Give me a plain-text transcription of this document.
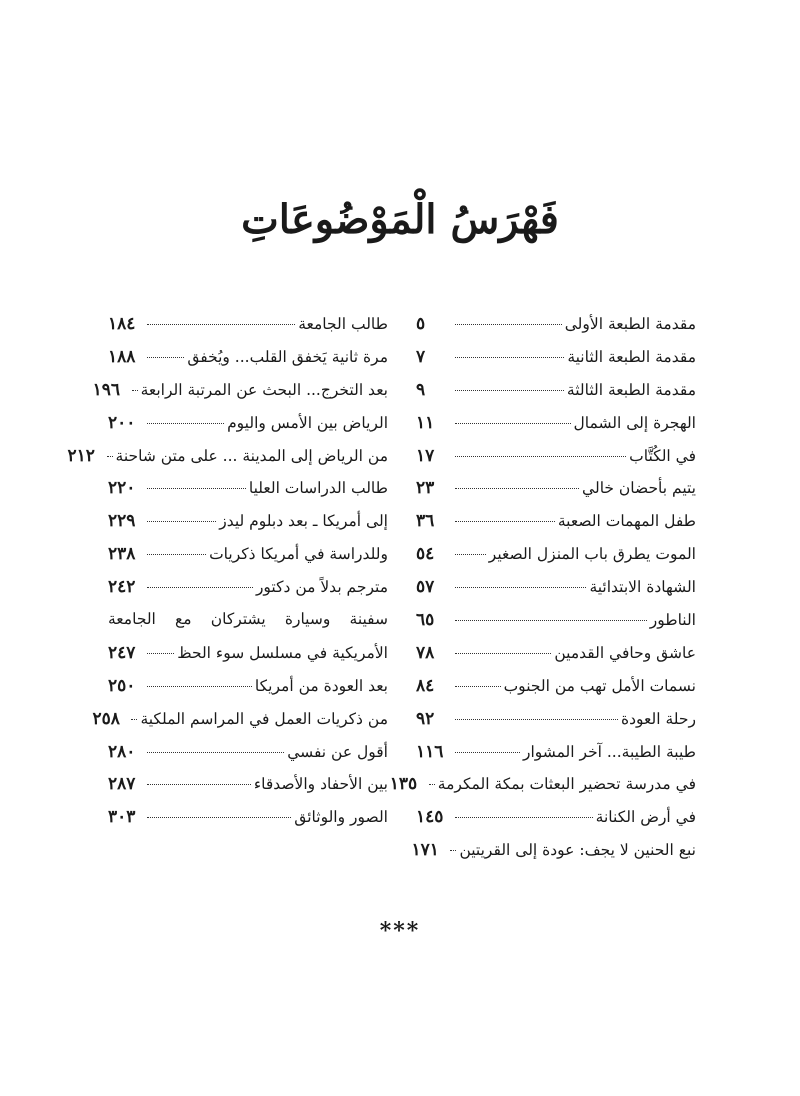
فَهْرَسُ الْمَوْضُوعَاتِ
مقدمة الطبعة الأولى
٥
مقدمة الطبعة الثانية
٧
مقدمة الطبعة الثالثة
٩
الهجرة إلى الشمال
١١
في الكُتَّاب
١٧
يتيم بأحضان خالي
٢٣
طفل المهمات الصعبة
٣٦
الموت يطرق باب المنزل الصغير
٥٤
الشهادة الابتدائية
٥٧
الناطور
٦٥
عاشق وحافي القدمين
٧٨
نسمات الأمل تهب من الجنوب
٨٤
رحلة العودة
٩٢
طيبة الطيبة... آخر المشوار
١١٦
في مدرسة تحضير البعثات بمكة المكرمة
١٣٥
في أرض الكنانة
١٤٥
نبع الحنين لا يجف: عودة إلى القريتين
١٧١
طالب الجامعة
١٨٤
مرة ثانية يَخفق القلب... ويُخفق
١٨٨
بعد التخرج... البحث عن المرتبة الرابعة
١٩٦
الرياض بين الأمس واليوم
٢٠٠
من الرياض إلى المدينة ... على متن شاحنة
٢١٢
طالب الدراسات العليا
٢٢٠
إلى أمريكا ـ بعد دبلوم ليدز
٢٢٩
وللدراسة في أمريكا ذكريات
٢٣٨
مترجم بدلاً من دكتور
٢٤٢
سفينة وسيارة يشتركان مع الجامعة
الأمريكية في مسلسل سوء الحظ
٢٤٧
بعد العودة من أمريكا
٢٥٠
من ذكريات العمل في المراسم الملكية
٢٥٨
أقول عن نفسي
٢٨٠
بين الأحفاد والأصدقاء
٢٨٧
الصور والوثائق
٣٠٣
***
